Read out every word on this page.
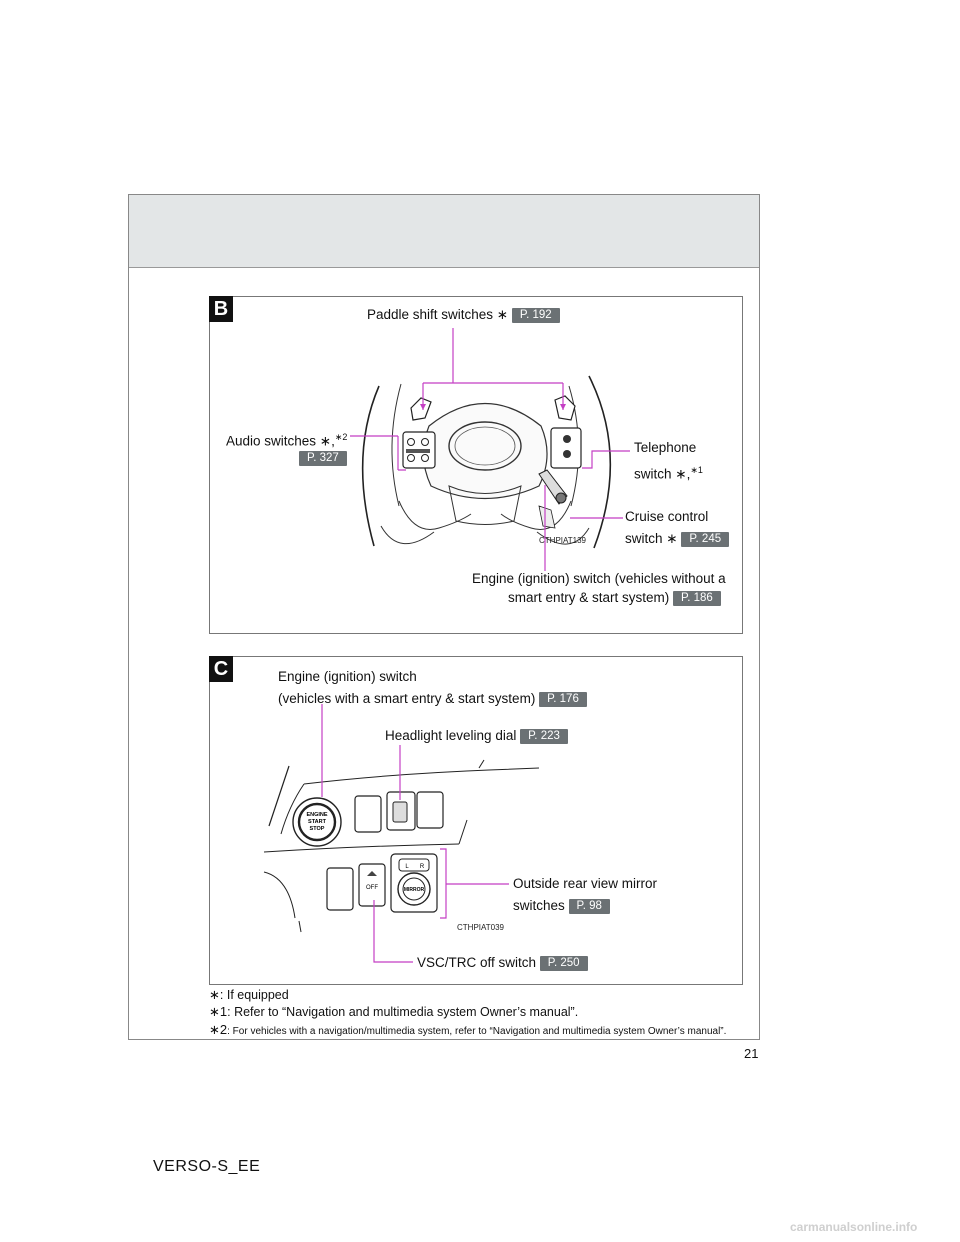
B
CTHPIAT139
Paddle shift switches ∗ P. 192
Audio switches ∗,$^{∗2}$
P. 327
Telephone
switch ∗,$^{∗1}$
Cruise control
switch ∗ P. 245
Engine (ignition) switch (vehicles without a
smart entry & start system) P. 186
C
ENGINE
START
STOP
OFF
L R
MIRROR
CTHPIAT039
Engine (ignition) switch
(vehicles with a smart entry & start system) P. 176
Headlight leveling dial P. 223
Outside rear view mirror
switches P. 98
VSC/TRC off switch P. 250
∗: If equipped
∗1: Refer to “Navigation and multimedia system Owner’s manual”.
∗2: For vehicles with a navigation/multimedia system, refer to “Navigation and multimedia system Owner’s manual”.
21
VERSO-S_EE
carmanualsonline.info
